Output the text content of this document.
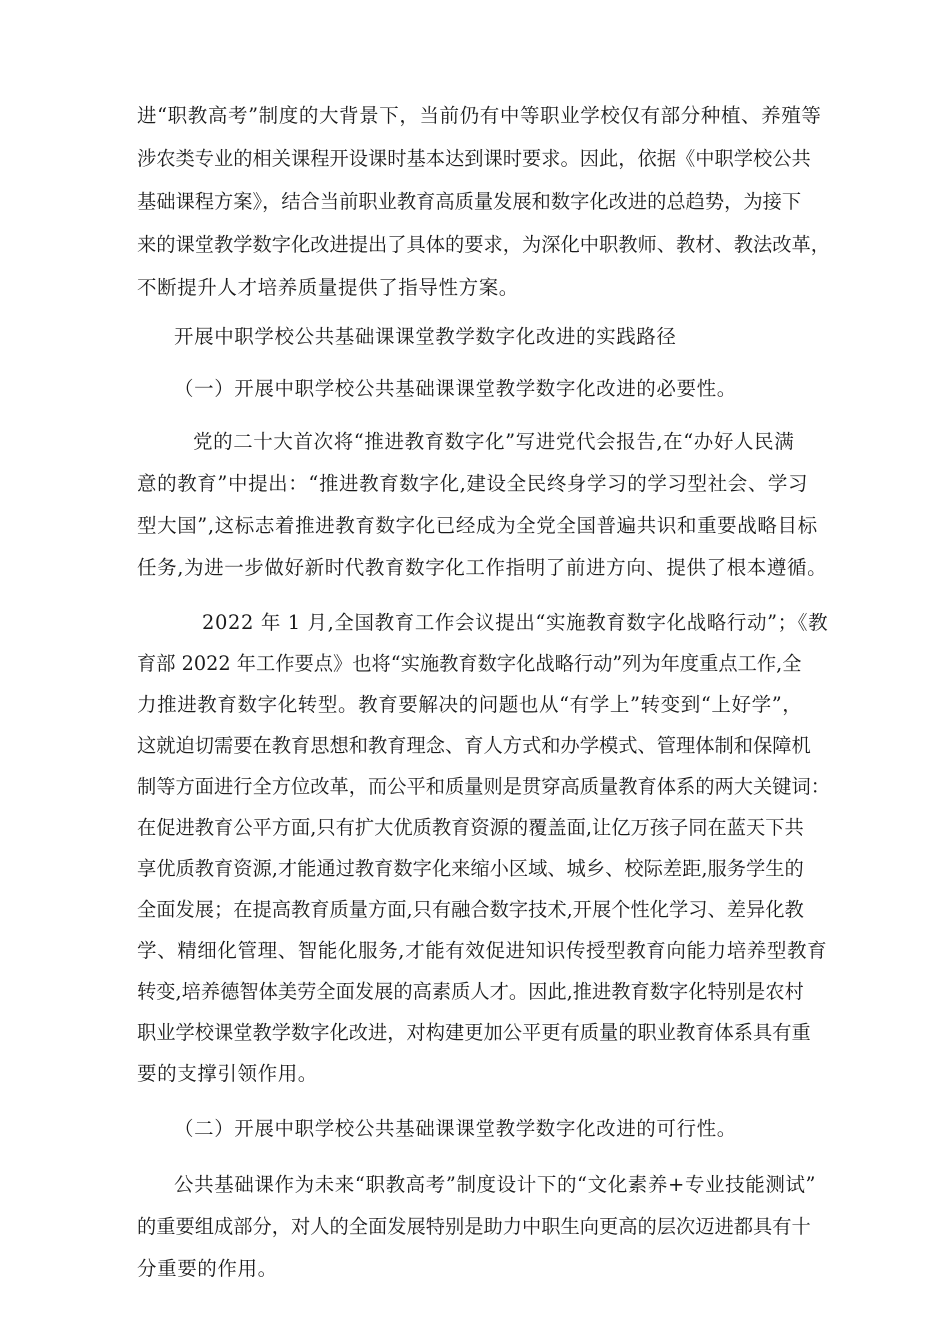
进“职教高考”制度的大背景下，当前仍有中等职业学校仅有部分种植、养殖等
涉农类专业的相关课程开设课时基本达到课时要求。因此，依据《中职学校公共
基础课程方案》，结合当前职业教育高质量发展和数字化改进的总趋势，为接下
来的课堂教学数字化改进提出了具体的要求，为深化中职教师、教材、教法改革，
不断提升人才培养质量提供了指导性方案。
开展中职学校公共基础课课堂教学数字化改进的实践路径
（一）开展中职学校公共基础课课堂教学数字化改进的必要性。
党的二十大首次将“推进教育数字化”写进党代会报告,在“办好人民满
意的教育”中提出：“推进教育数字化,建设全民终身学习的学习型社会、学习
型大国”,这标志着推进教育数字化已经成为全党全国普遍共识和重要战略目标
任务,为进一步做好新时代教育数字化工作指明了前进方向、提供了根本遵循。
2022 年 1 月,全国教育工作会议提出“实施教育数字化战略行动”；《教
育部 2022 年工作要点》也将“实施教育数字化战略行动”列为年度重点工作,全
力推进教育数字化转型。教育要解决的问题也从“有学上”转变到“上好学”，
这就迫切需要在教育思想和教育理念、育人方式和办学模式、管理体制和保障机
制等方面进行全方位改革，而公平和质量则是贯穿高质量教育体系的两大关键词：
在促进教育公平方面,只有扩大优质教育资源的覆盖面,让亿万孩子同在蓝天下共
享优质教育资源,才能通过教育数字化来缩小区域、城乡、校际差距,服务学生的
全面发展；在提高教育质量方面,只有融合数字技术,开展个性化学习、差异化教
学、精细化管理、智能化服务,才能有效促进知识传授型教育向能力培养型教育
转变,培养德智体美劳全面发展的高素质人才。因此,推进教育数字化特别是农村
职业学校课堂教学数字化改进，对构建更加公平更有质量的职业教育体系具有重
要的支撑引领作用。
（二）开展中职学校公共基础课课堂教学数字化改进的可行性。
公共基础课作为未来“职教高考”制度设计下的“文化素养+专业技能测试”
的重要组成部分，对人的全面发展特别是助力中职生向更高的层次迈进都具有十
分重要的作用。
